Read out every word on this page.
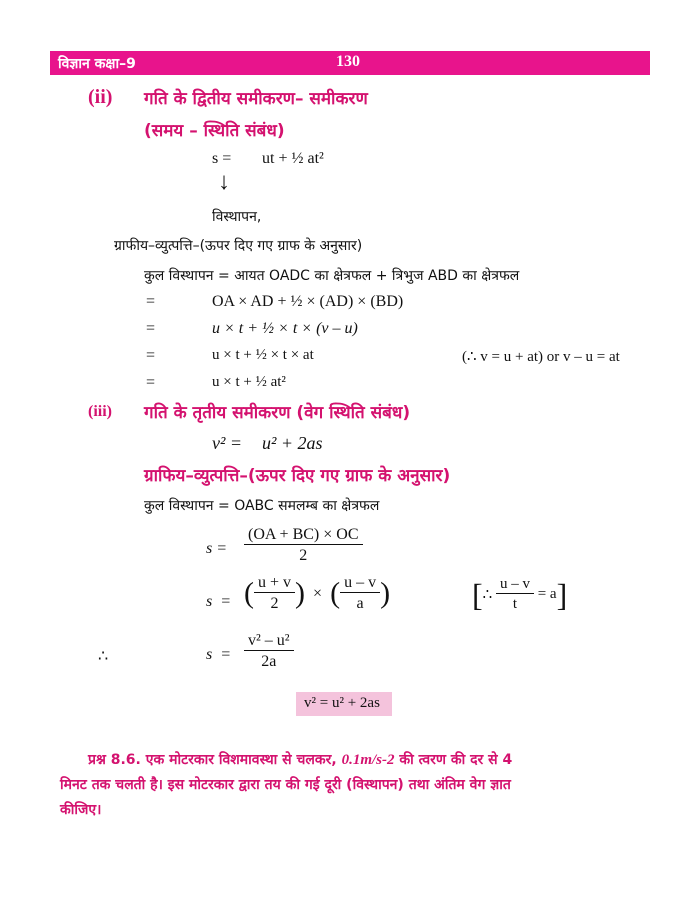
विज्ञान कक्षा–9	130
(ii) गति के द्वितीय समीकरण– समीकरण
(समय – स्थिति संबंध)
s = ut + ½ at²
↓
विस्थापन,
ग्राफीय–व्युत्पत्ति–(ऊपर दिए गए ग्राफ के अनुसार)
कुल विस्थापन = आयत OADC का क्षेत्रफल + त्रिभुज ABD का क्षेत्रफल
=	OA × AD + ½ × (AD) × (BD)
=	u × t + ½ × t × (v – u)
=	u × t + ½ × t × at	(∴ v = u + at) or v – u = at
=	u × t + ½ at²
(iii) गति के तृतीय समीकरण (वेग स्थिति संबंध)
v² = u² + 2as
ग्राफिय–व्युत्पत्ति–(ऊपर दिए गए ग्राफ के अनुसार)
कुल विस्थापन = OABC समलम्ब का क्षेत्रफल
$s = \frac{(OA + BC) \times OC}{2}$
s  = ( $\frac{u + v}{2}$ ) × ( $\frac{u - v}{a}$ )	[∴ $\frac{u - v}{t} = a$]
∴	$s = \frac{\text{v² – u²}}{2a}$
v² = u² + 2as
प्रश्न 8.6. एक मोटरकार विशमावस्था से चलकर, 0.1m/s-2 की त्वरण की दर से 4
मिनट तक चलती है। इस मोटरकार द्वारा तय की गई दूरी (विस्थापन) तथा अंतिम वेग ज्ञात
कीजिए।
